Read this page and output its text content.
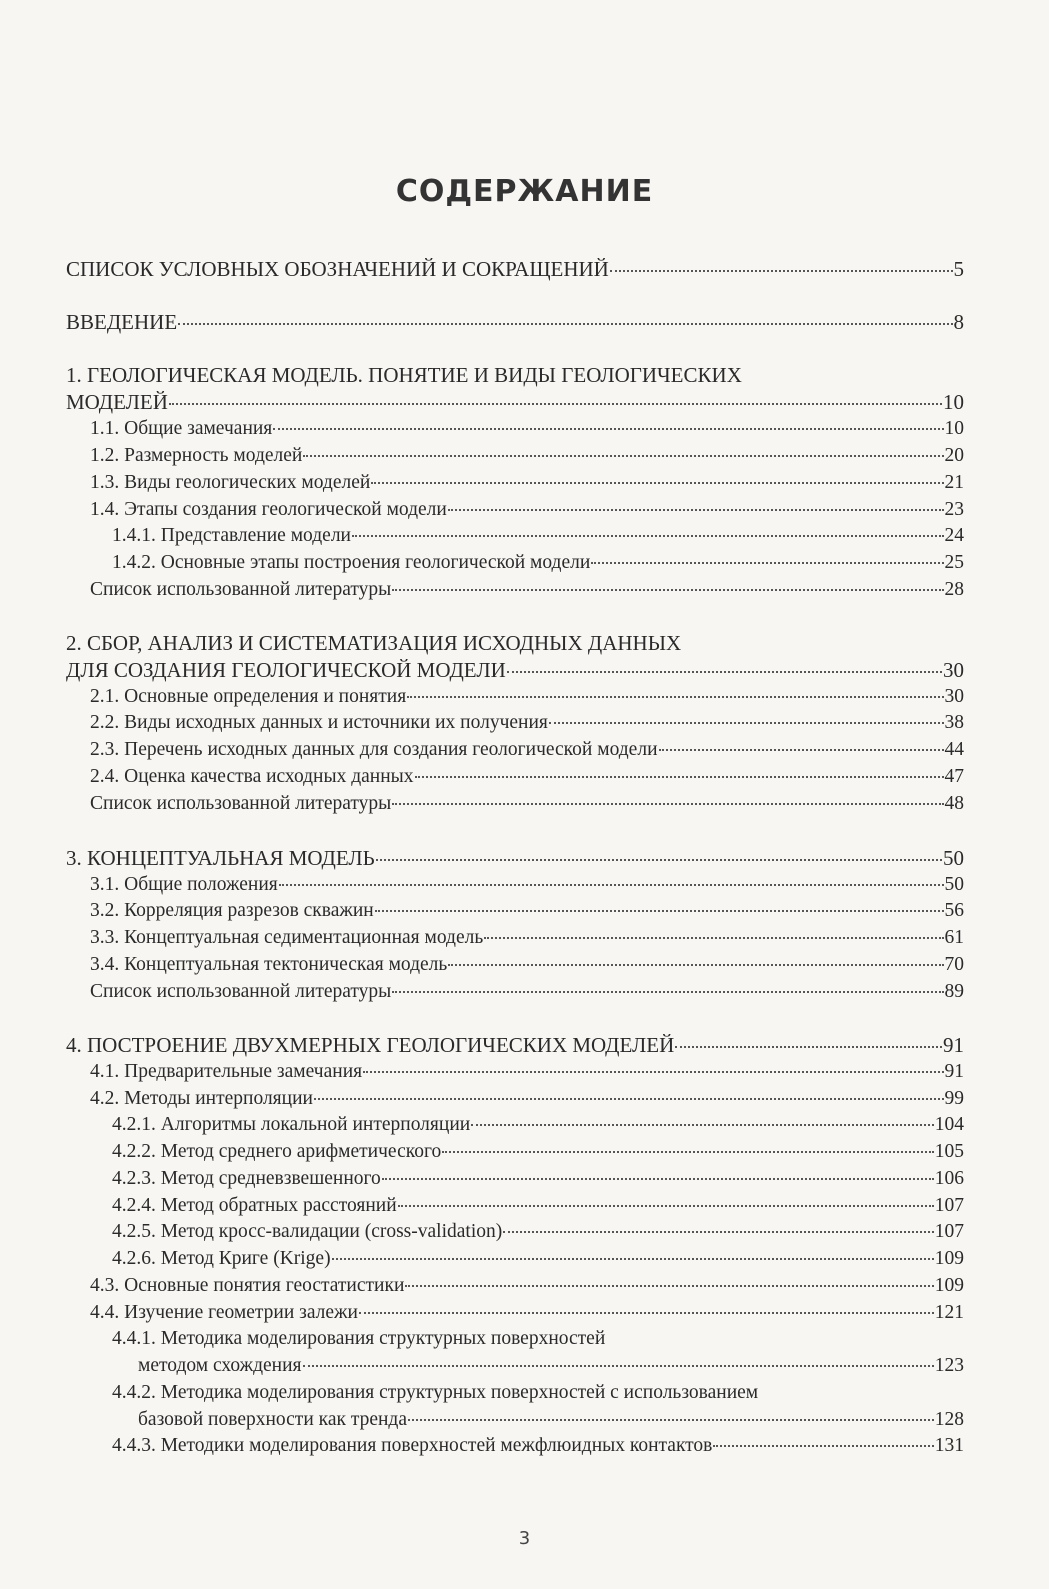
СОДЕРЖАНИЕ
СПИСОК УСЛОВНЫХ ОБОЗНАЧЕНИЙ И СОКРАЩЕНИЙ	5
ВВЕДЕНИЕ	8
1. ГЕОЛОГИЧЕСКАЯ МОДЕЛЬ. ПОНЯТИЕ И ВИДЫ ГЕОЛОГИЧЕСКИХ
МОДЕЛЕЙ	10
1.1. Общие замечания	10
1.2. Размерность моделей	20
1.3. Виды геологических моделей	21
1.4. Этапы создания геологической модели	23
1.4.1. Представление модели	24
1.4.2. Основные этапы построения геологической модели	25
Список использованной литературы	28
2. СБОР, АНАЛИЗ И СИСТЕМАТИЗАЦИЯ ИСХОДНЫХ ДАННЫХ
ДЛЯ СОЗДАНИЯ ГЕОЛОГИЧЕСКОЙ МОДЕЛИ	30
2.1. Основные определения и понятия	30
2.2. Виды исходных данных и источники их получения	38
2.3. Перечень исходных данных для создания геологической модели	44
2.4. Оценка качества исходных данных	47
Список использованной литературы	48
3. КОНЦЕПТУАЛЬНАЯ МОДЕЛЬ	50
3.1. Общие положения	50
3.2. Корреляция разрезов скважин	56
3.3. Концептуальная седиментационная модель	61
3.4. Концептуальная тектоническая модель	70
Список использованной литературы	89
4. ПОСТРОЕНИЕ ДВУХМЕРНЫХ ГЕОЛОГИЧЕСКИХ МОДЕЛЕЙ	91
4.1. Предварительные замечания	91
4.2. Методы интерполяции	99
4.2.1. Алгоритмы локальной интерполяции	104
4.2.2. Метод среднего арифметического	105
4.2.3. Метод средневзвешенного	106
4.2.4. Метод обратных расстояний	107
4.2.5. Метод кросс-валидации (cross-validation)	107
4.2.6. Метод Криге (Krige)	109
4.3. Основные понятия геостатистики	109
4.4. Изучение геометрии залежи	121
4.4.1. Методика моделирования структурных поверхностей
методом схождения	123
4.4.2. Методика моделирования структурных поверхностей с использованием
базовой поверхности как тренда	128
4.4.3. Методики моделирования поверхностей межфлюидных контактов	131
3
